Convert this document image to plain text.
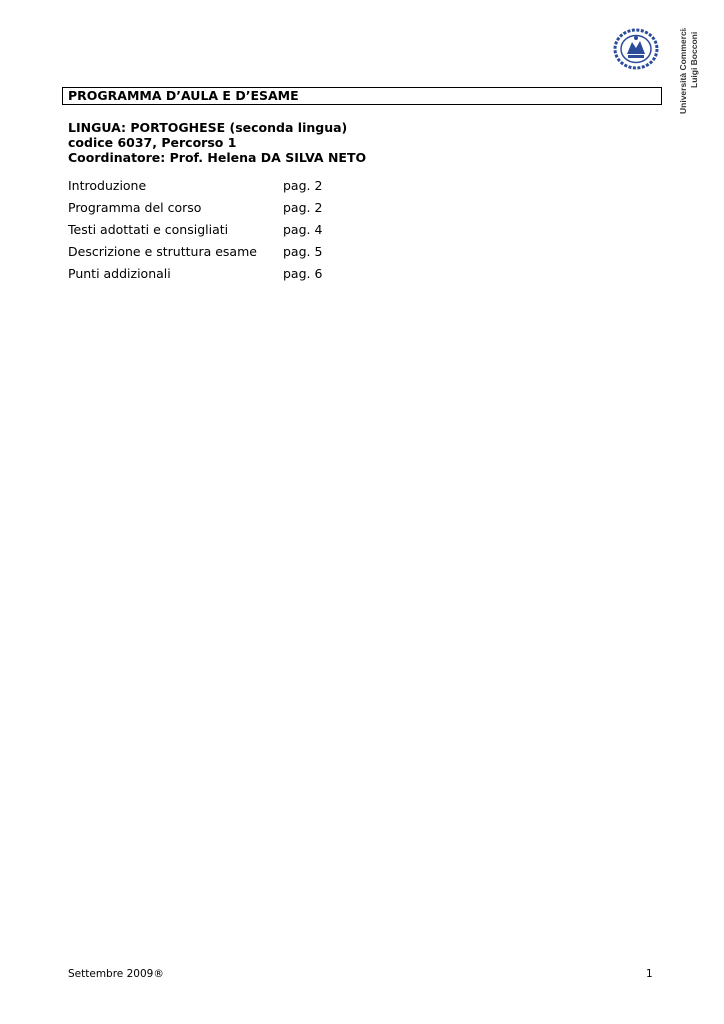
Università Commerciale Luigi Bocconi
PROGRAMMA D’AULA E D’ESAME
LINGUA: PORTOGHESE (seconda lingua)
codice 6037, Percorso 1
Coordinatore: Prof. Helena DA SILVA NETO
Introduzione	pag. 2
Programma del corso	pag. 2
Testi adottati e consigliati	pag. 4
Descrizione e struttura esame pag. 5
Punti addizionali	pag. 6
Settembre 2009®	1
